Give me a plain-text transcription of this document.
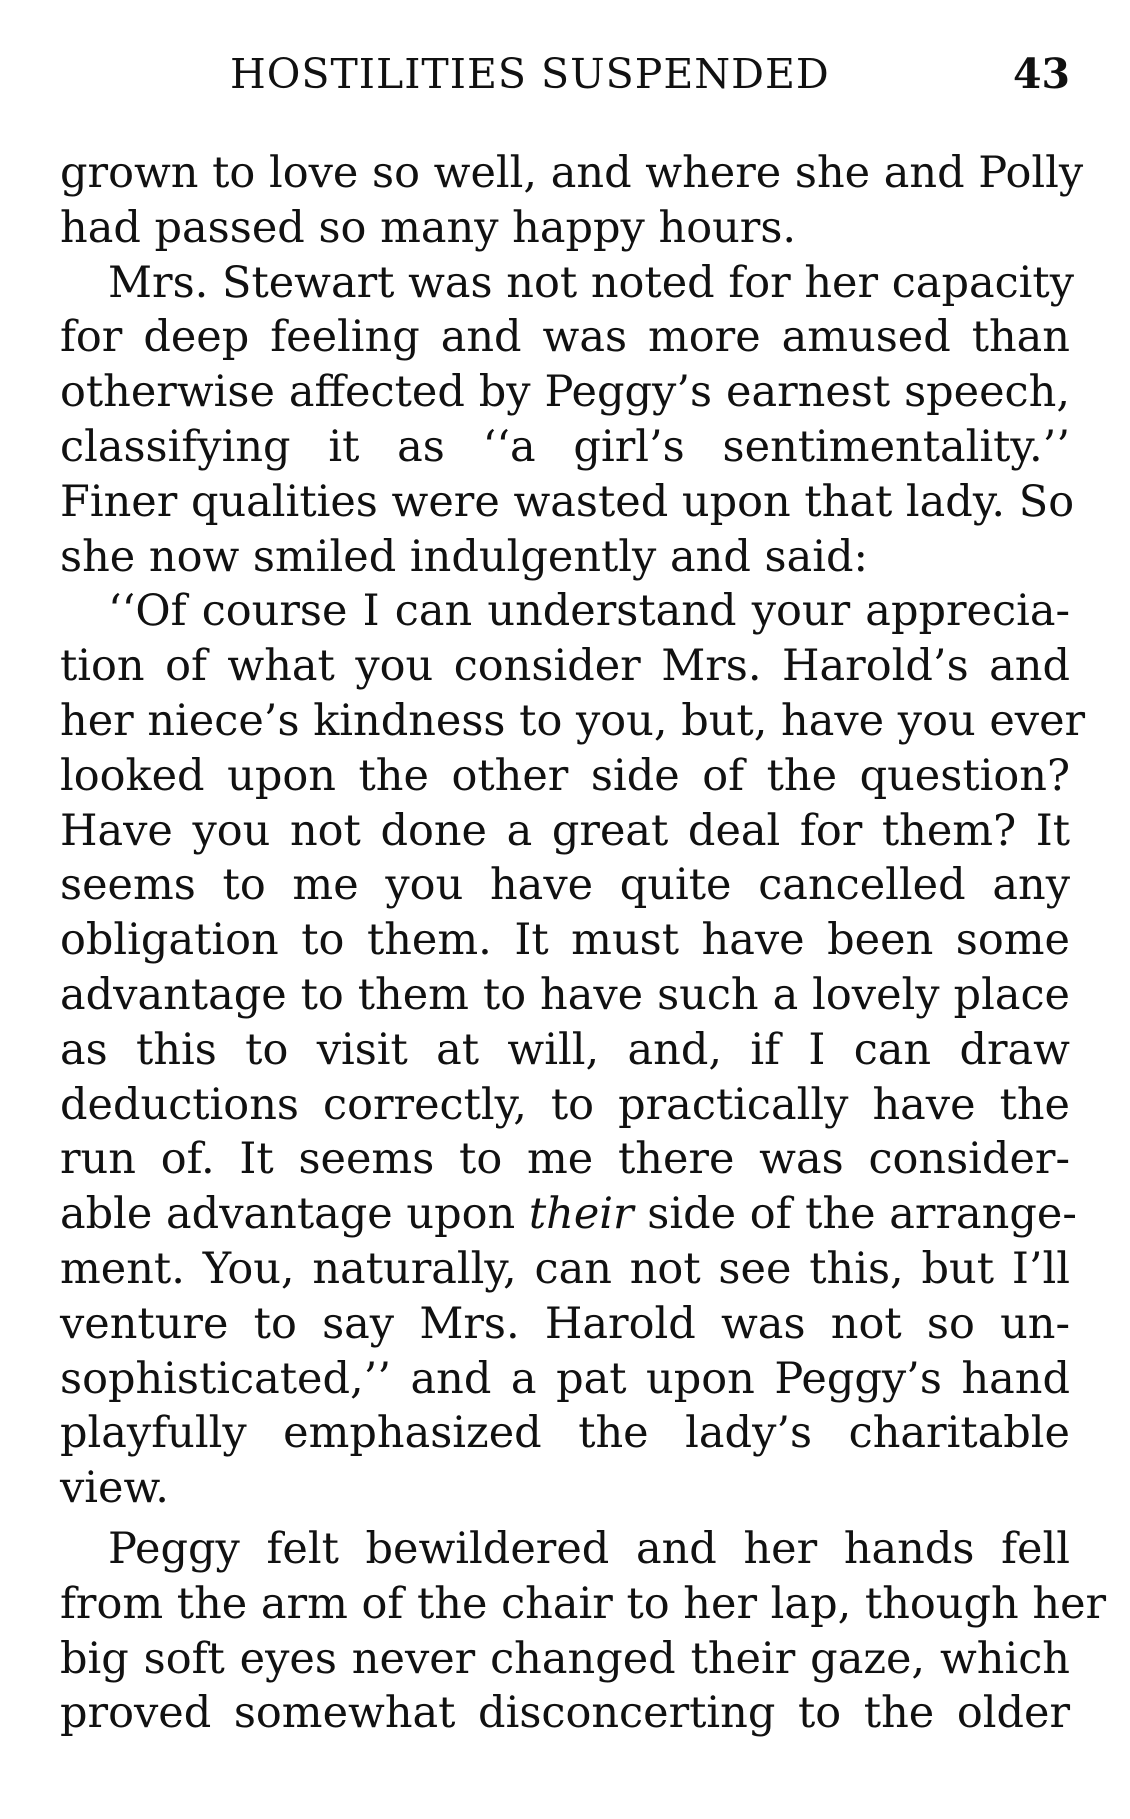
HOSTILITIES SUSPENDED	43
grown to love so well, and where she and Polly
had passed so many happy hours.
Mrs. Stewart was not noted for her capacity
for deep feeling and was more amused than
otherwise affected by Peggy’s earnest speech,
classifying it as ‘‘a girl’s sentimentality.’’
Finer qualities were wasted upon that lady. So
she now smiled indulgently and said:
‘‘Of course I can understand your apprecia-
tion of what you consider Mrs. Harold’s and
her niece’s kindness to you, but, have you ever
looked upon the other side of the question?
Have you not done a great deal for them? It
seems to me you have quite cancelled any
obligation to them. It must have been some
advantage to them to have such a lovely place
as this to visit at will, and, if I can draw
deductions correctly, to practically have the
run of. It seems to me there was consider-
able advantage upon their side of the arrange-
ment. You, naturally, can not see this, but I’ll
venture to say Mrs. Harold was not so un-
sophisticated,’’ and a pat upon Peggy’s hand
playfully emphasized the lady’s charitable
view.
Peggy felt bewildered and her hands fell
from the arm of the chair to her lap, though her
big soft eyes never changed their gaze, which
proved somewhat disconcerting to the older
